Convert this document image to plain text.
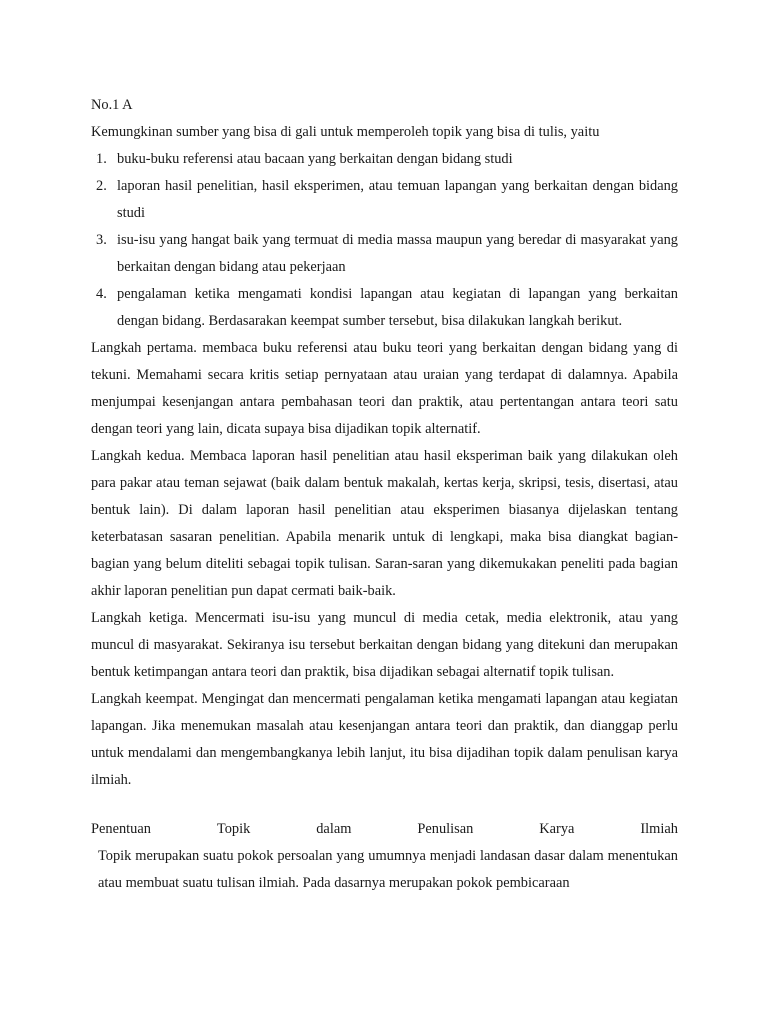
No.1 A
Kemungkinan sumber yang bisa di gali untuk memperoleh topik yang bisa di tulis, yaitu
1. buku-buku referensi atau bacaan yang berkaitan dengan bidang studi
2. laporan hasil penelitian, hasil eksperimen, atau temuan lapangan yang berkaitan dengan bidang studi
3. isu-isu yang hangat baik yang termuat di media massa maupun yang beredar di masyarakat yang berkaitan dengan bidang atau pekerjaan
4. pengalaman ketika mengamati kondisi lapangan atau kegiatan di lapangan yang berkaitan dengan bidang. Berdasarakan keempat sumber tersebut, bisa dilakukan langkah berikut.

Langkah pertama. membaca buku referensi atau buku teori yang berkaitan dengan bidang yang di tekuni. Memahami secara kritis setiap pernyataan atau uraian yang terdapat di dalamnya. Apabila menjumpai kesenjangan antara pembahasan teori dan praktik, atau pertentangan antara teori satu dengan teori yang lain, dicata supaya bisa dijadikan topik alternatif.

Langkah kedua. Membaca laporan hasil penelitian atau hasil eksperiman baik yang dilakukan oleh para pakar atau teman sejawat (baik dalam bentuk makalah, kertas kerja, skripsi, tesis, disertasi, atau bentuk lain). Di dalam laporan hasil penelitian atau eksperimen biasanya dijelaskan tentang keterbatasan sasaran penelitian. Apabila menarik untuk di lengkapi, maka bisa diangkat bagian-bagian yang belum diteliti sebagai topik tulisan. Saran-saran yang dikemukakan peneliti pada bagian akhir laporan penelitian pun dapat cermati baik-baik.

Langkah ketiga. Mencermati isu-isu yang muncul di media cetak, media elektronik, atau yang muncul di masyarakat. Sekiranya isu tersebut berkaitan dengan bidang yang ditekuni dan merupakan bentuk ketimpangan antara teori dan praktik, bisa dijadikan sebagai alternatif topik tulisan.

Langkah keempat. Mengingat dan mencermati pengalaman ketika mengamati lapangan atau kegiatan lapangan. Jika menemukan masalah atau kesenjangan antara teori dan praktik, dan dianggap perlu untuk mendalami dan mengembangkanya lebih lanjut, itu bisa dijadihan topik dalam penulisan karya ilmiah.

Penentuan	Topik	dalam	Penulisan	Karya	Ilmiah

Topik merupakan suatu pokok persoalan yang umumnya menjadi landasan dasar dalam menentukan atau membuat suatu tulisan ilmiah. Pada dasarnya merupakan pokok pembicaraan
